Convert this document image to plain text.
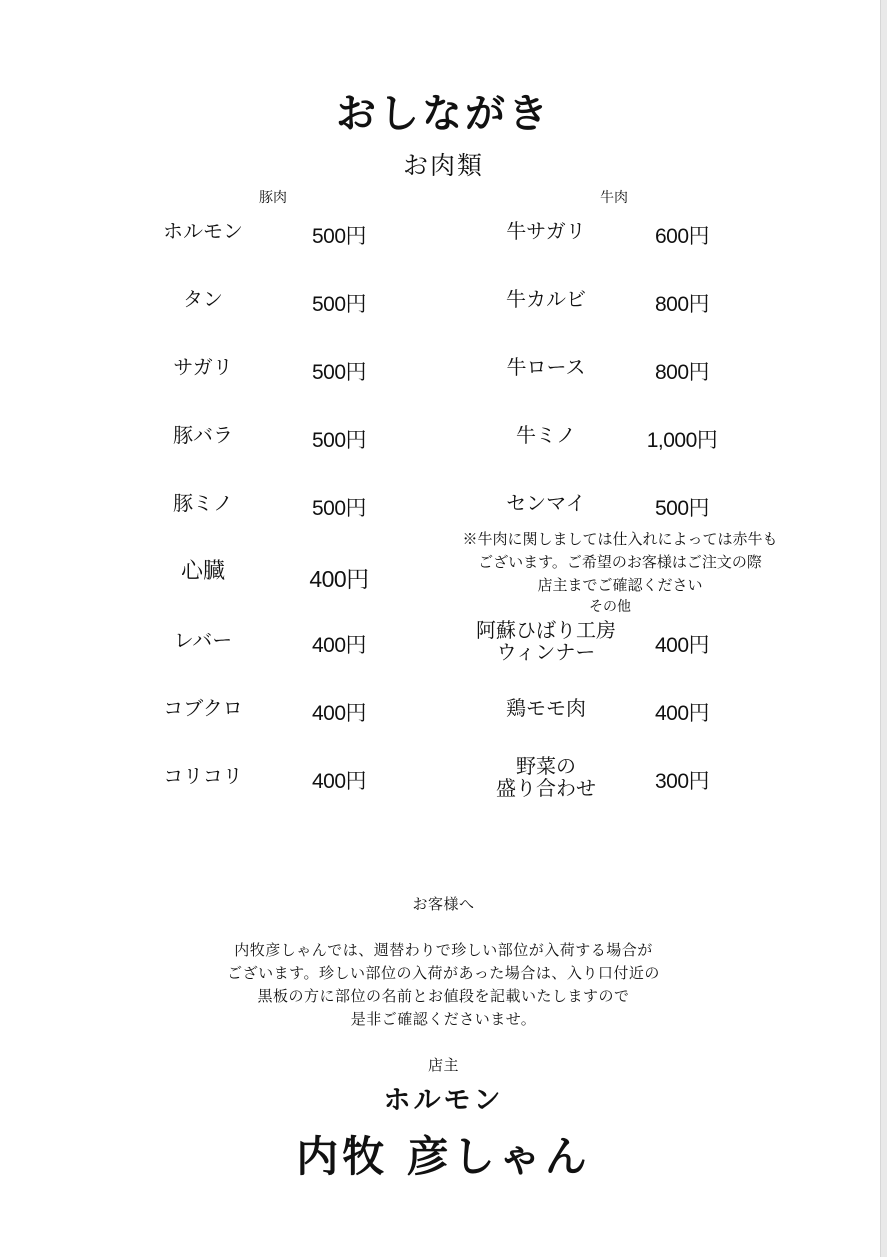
おしながき
お肉類
豚肉	牛肉
ホルモン	500円
タン	500円
サガリ	500円
豚バラ	500円
豚ミノ	500円
心臓	400円
レバー	400円
コブクロ	400円
コリコリ	400円
牛サガリ	600円
牛カルビ	800円
牛ロース	800円
牛ミノ	1,000円
センマイ	500円
※牛肉に関しましては仕入れによっては赤牛も
ございます。ご希望のお客様はご注文の際
店主までご確認ください
その他
阿蘇ひばり工房
ウィンナー	400円
鶏モモ肉	400円
野菜の
盛り合わせ	300円

お客様へ

内牧彦しゃんでは、週替わりで珍しい部位が入荷する場合が
ございます。珍しい部位の入荷があった場合は、入り口付近の
黒板の方に部位の名前とお値段を記載いたしますので
是非ご確認くださいませ。

店主

ホルモン
内牧 彦しゃん
